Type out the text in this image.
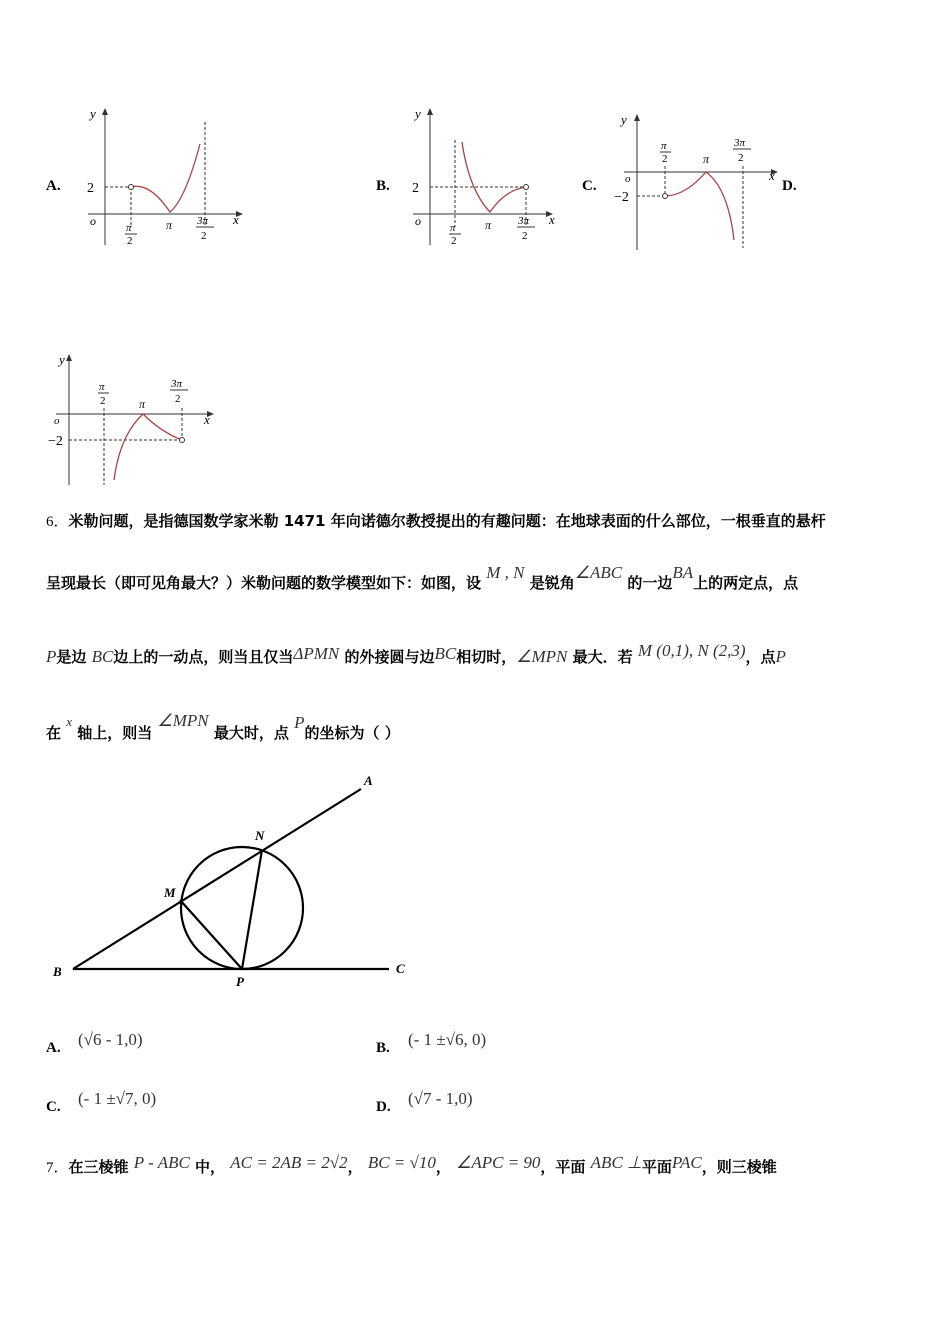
A.	B.	C.	D.
y
x
o
2
π
2
π 3π
2
y
x
o
2
π
2
π 3π
2
y
x
o
−2
π
2	π
3π
2
y
x
o
−2
π
2	π
3π
2
6．米勒问题，是指德国数学家米勒 1471 年向诺德尔教授提出的有趣问题：在地球表面的什么部位，一根垂直的悬杆
呈现最长（即可见角最大？）米勒问题的数学模型如下：如图，设 M , N 是锐角∠ABC 的一边BA上的两定点，点
P是边 BC边上的一动点，则当且仅当ΔPMN 的外接圆与边BC相切时，∠MPN 最大．若 M (0,1), N (2,3)，点P
在 x 轴上，则当 ∠MPN 最大时，点 P的坐标为（ ）
A
N
M
B
P
C
A. (√6 - 1,0)	B. (- 1 ±√6, 0)
C. (- 1 ±√7, 0)	D. (√7 - 1,0)
7．在三棱锥 P - ABC 中， AC = 2AB = 2√2， BC = √10， ∠APC = 90，平面 ABC ⊥平面PAC，则三棱锥
